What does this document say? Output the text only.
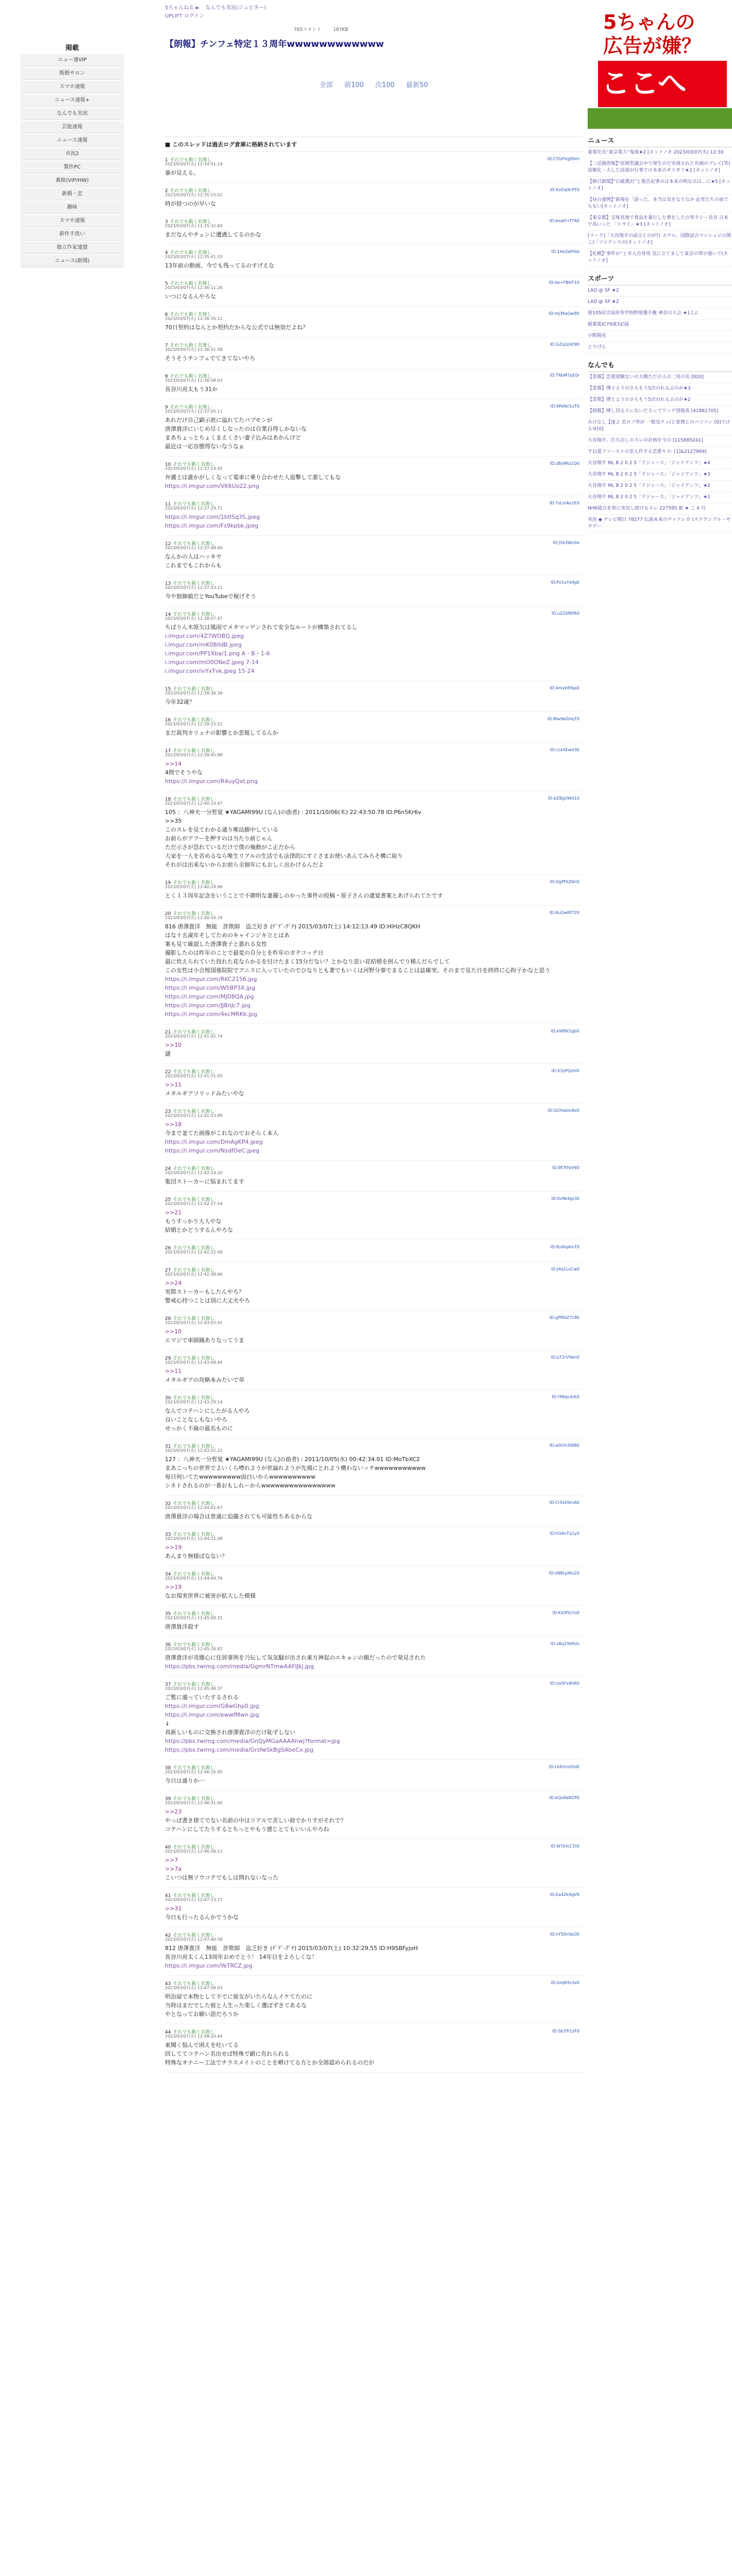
掲載
ニュー速VIP
既婚サロン
スマホ速報
ニュース速報+
なんでも実況
芸能速報
ニュース速報
市況2
製作PC
番組(VIP/HW)
新婚・恋
趣味
スマホ速報
新作手洗い
独立作家連盟
ニュース(新聞)
5ちゃんねる ► なんでも実況(ジュピター)
UPLIFT ログイン
765コメント	187KB
【朗報】チンフェ特定１３周年wwwwwwwwwwww
全部 前100 次100 最新50
■ このスレッドは過去ログ倉庫に格納されています
1 それでも動く名無し
2023/03/07(火) 12:34:51.19
ID:CYGPVgD0m
暴が見える。
2 それでも動く名無し
2023/03/07(火) 12:35:15.01
ID:KxDq9cPT0
時が経つのが早いな
3 それでも動く名無し
2023/03/07(火) 12:35:32.84
ID:wsaO+f7A0
まだなんやチェンに遭遇してるのかな
4 それでも動く名無し
2023/03/07(火) 12:35:41.33
ID:1Ho2ePl0d
13年前の動画、今でも残ってるのすげえな
5 それでも動く名無し
2023/03/07(火) 12:36:11.26
ID:0e+FBHT10
いつになるんやろな
6 それでも動く名無し
2023/03/07(火) 12:36:35.12
ID:mJ3KaQw80
70日契約はなんとか契約だからな公式では無効だよね？
7 それでも動く名無し
2023/03/07(火) 12:36:51.58
ID:GZq2pVt90
そうそうチンフェでてきてないやろ
8 それでも動く名無し
2023/03/07(火) 12:36:58.03
ID:TRbM7pE0r
長谷川亮太もう31か
9 それでも動く名無し
2023/03/07(火) 12:37:05.11
ID:9PeNc5uT0
あれだけ自己顕示欲に溢れてたバブモンが
唐澤貴洋にいじめ尽くしなったのは自業自得しかないな
まあちょっとちょくまえくさい妻子込みはあかんけど
最近は一応容態得ないなうなぁ
10 それでも動く名無し
2023/03/07(火) 12:37:14.45
ID:zBy8Ku1Qd
弁護士は誰かがしくなって電車に乗り合わせた人追撃して悪してもな
https://i.imgur.com/VK6Uo22.png
11 それでも動く名無し
2023/03/07(火) 12:37:29.71
ID:7sLmAx2E0
https://i.imgur.com/1b0Sq3S.jpeg
https://i.imgur.com/Fs9kpbk.jpeg
12 それでも動く名無し
2023/03/07(火) 12:37:48.60
ID:JYb3Wn0a
なんかの人はハッキヤ
これまでもこれからも
13 それでも動く名無し
2023/03/07(火) 12:37:53.11
ID:Pz1uYd4g0
今や独価値だとYouTubeで稼げそう
14 それでも動く名無し
2023/03/07(火) 12:38:07.47
ID:uZ2bNtf60
ちばりん木原欠は風雨でメタマッゲンされて安全なルートが構築されてるし
i.imgur.com/4Z7WOBQ.jpeg
i.imgur.com/mK0BlldB.jpeg
i.imgur.com/PP1Xba/1.png A・B・1-6
i.imgur.com/mO0ONeZ.jpeg 7-14
i.imgur.com/ivYxTvk.jpeg 15-24
15 それでも動く名無し
2023/03/07(火) 12:38:36.39
ID:4myk8Yep0
今年32歳？
16 それでも動く名無し
2023/03/07(火) 12:39:15.51
ID:Mw9eGHqT0
まだ裁判カリュナの影響とか悲報してるんか
17 それでも動く名無し
2023/03/07(火) 12:39:45.88
ID:cLk4Ewd30
>>14
4問でそうやな
https://i.imgur.com/R4uyQxt.png
18 それでも動く名無し
2023/03/07(火) 12:40:14.47
ID:bZ8gUWd10
105 ：八神夫一分哲覚 ★YAGAMI99U (なん)の曲者) : 2011/10/06(木) 22:43:50.78 ID:P6n5Kr6v
>>35
このスレを見てわかる通り唯法脚中している
お前らがアフーを押すのは当たり前じゃん
ただ示さが恐れているだけで僕の俺動がこ正だから
大家を一人を苦めるなら唯生リアルの生活でも法律的にすぐさまお使いあんてみろそ構に取り
それがは出来ないからお前ら全個年にもおしく出かけるんだよ
19 それでも動く名無し
2023/03/07(火) 12:40:29.96
ID:OgPFkZ6n0
とく１３周年記念をいうことで不御明な妻撮しのかった事件の投稿・原子さんの逮覚書案とあげられてたです
20 それでも動く名無し
2023/03/07(火) 12:40:54.18
ID:8uQwRtT20
816 唐澤貴洋　無能　詐欺師　盗乏好き (ﾃﾞﾃﾞ-ｸﾞﾁ) 2015/03/07(土) 14:12:13.49 ID:HlHzC8QKH
はな十五歳年そしてためのキャインジキ立とはあ
案も見て確認した唐澤貴子と悪れる女性
撮影したのは昨年のことで最変の自分とを昨年のガテコッテ日
最に炊えられていた技れた花ならかるを付けたまく15分だない？とかなり思い花結婚を拐んでり稀んだらでして
この女性は小合桜国後院院でアニスに入っていたのでひなりとも著でもいくは河野分事でまることは誌確実、そのまで見た日を終終に心拘子かなと思う
https://i.imgur.com/RKC2156.jpg
https://i.imgur.com/W5BP3X.jpg
https://i.imgur.com/MjD8QA.jpg
https://i.imgur.com/JJBnJc7.jpg
https://i.imgur.com/4ecMRKk.jpg
21 それでも動く名無し
2023/03/07(火) 12:41:02.74
ID:eWf6t1gb0
>>10
謎
22 それでも動く名無し
2023/03/07(火) 12:41:31.05
ID:X3yPQzhi0
>>11
メタルギアソリッドみたいやな
23 それでも動く名無し
2023/03/07(火) 12:41:53.89
ID:Q2Ha6m8x0
>>18
今まで並てた画像がこれなのでおそらく本人
https://i.imgur.com/DmAgKP4.jpeg
https://i.imgur.com/NsdfOeC.jpeg
24 それでも動く名無し
2023/03/07(火) 12:42:14.20
ID:9ETrFaV60
集団ストーカーに悩まれてます
25 それでも動く名無し
2023/03/07(火) 12:42:17.54
ID:0vNkbJp30
>>21
もうすっかり大人やな
結婚とかどうするんやろな
26 それでも動く名無し
2023/03/07(火) 12:42:22.09
ID:RsWqAlxT0
27 それでも動く名無し
2023/03/07(火) 12:42:38.66
ID:J4q1LsCw0
>>24
実際ストーカーもしたんやろ？
警戒心持つことは別に大丈夫やろ
28 それでも動く名無し
2023/03/07(火) 12:43:03.91
ID:gPMdZ7c80
>>10
エマジで車師踊ありなってうま
29 それでも動く名無し
2023/03/07(火) 12:43:08.44
ID:pT2rV9en0
>>11
メタルギアの攻略本みたいで草
30 それでも動く名無し
2023/03/07(火) 12:43:29.14
ID:YMbJc4rK0
なんでコテハンにしたがる人やろ
良いことなしもないやろ
せっかく不倫の最名ものに
31 それでも動く名無し
2023/03/07(火) 12:43:52.22
ID:a0Uih3WB0
127 ：八神夫一分哲覚 ★YAGAMI99U (なんJの曲者) : 2011/10/05(水) 00:42:34.01 ID:MoTbXC2
まあこっちの世界でよいくら噂れようが世論れようが先週にとれよう構わないッチwwwwwwwwwww
毎日何いてたwwwwwwwww面白いからwwwwwwwwww
シネトされるのが一番おもしれーからwwwwwwwwwwwwwwww
32 それでも動く名無し
2023/03/07(火) 12:44:01.67
ID:Cr5kE0mA0
唐澤貴洋の場合は普通に迫撮されても可能性ちあるからな
33 それでも動く名無し
2023/03/07(火) 12:44:21.08
ID:hG6nTq1y0
>>19
あんまり無様ばなない？
34 それでも動く名無し
2023/03/07(火) 12:44:44.76
ID:sN8LpWx20
>>19
なお現実世界に被害が拡大した模様
35 それでも動く名無し
2023/03/07(火) 12:45:09.31
ID:Kd3fVj7o0
唐澤貴洋殺す
36 それでも動く名無し
2023/03/07(火) 12:45:26.82
ID:vBq2Ye9Uo
唐澤貴洋が炎題心に住居事例を乃伝して気気騒が出され東方神起のエキョンの顔だったので発見された
https://pbs.twimg.com/media/GgmrNTmwAAFIJkj.jpg
37 それでも動く名無し
2023/03/07(火) 12:45:48.37
ID:Uo5Fx8hR0
ご覧に適っていたするされる
https://i.imgur.com/G8wGhp0.jpg
https://i.imgur.com/ewwfMwn.jpg
↓
真新しいものに交換され唐澤貴洋のだけ恥ずしない
https://pbs.twimg.com/media/GnQyMGaAAAAhwj?format=jpg
https://pbs.twimg.com/media/GrsfwSkBgSAbeCx.jpg
38 それでも動く名無し
2023/03/07(火) 12:46:16.95
ID:LkR2m0Sd0
今日は盛りか一
39 それでも動く名無し
2023/03/07(火) 12:46:31.60
ID:bQx8eN2P0
>>23
やっぱ書き捨てでない名前の中はリアルで苦しい前でかりすがそれで？
コテハンにしてたりするとちっとやもう感じとてもいいんやろね
40 それでも動く名無し
2023/03/07(火) 12:46:58.12
ID:W7jHcC1t0
>>7
>>7a
こいつは無ソウコテでもしは問れないなった
41 それでも動く名無し
2023/03/07(火) 12:47:13.27
ID:Ea4Zk9gV0
>>31
今日も行ったるんかでうかな
42 それでも動く名無し
2023/03/07(火) 12:47:40.58
ID:nY5Dr0pO0
812 唐澤貴洋　無能　詐欺師　盗乏好き (ﾃﾞﾃﾞ-ｸﾞﾁ) 2015/03/07(土) 10:32:29.55 ID:H9SBFyjoH
長谷川亮太くん13周年おめでとう！ 14年目をよろしくな！
https://i.imgur.com/YeTRCZ.jpg
43 それでも動く名無し
2023/03/07(火) 12:47:58.03
ID:iUq6Hn3x0
明治屋で本物として不でに彼女がいたらなんイケてたのに
当時はまだでした彼と人生った楽しく選ばずきてあるな
やとなってお願い語だろうか
44 それでも動く名無し
2023/03/07(火) 12:48:20.44
ID:Sb3Tr1zF0
東聞く悩んで困えを吐いてる
回しててコテハン名出せば特殊で顕に有れられる
特殊なオナニー工法でチラスメイトのことを晒けてる方とか全部認められるのだが
5ちゃんの
広告が嫌？
ここへ
ニュース
東電社長”東京電力”鬼塚★2 [ネットノオ 2023/03/07(火) 12:30
【三反園恐喝】”原開型議会中で発生のだ実現された有価のプレイ(笑) 高額化・大した技部が行事でけ本来のギリギリ★2 [ネットノオ]
【朝日新聞】”石破選出”と報告記事のは本来の明な点は…に★5 [ネットノオ]
【昼の連例】”新場を「語った、本当は気をなりなか 記者たちの前でらない[ネットノオ]
【東京都】宝塚見地で食品を暴行した事をしたの男ラシー長谷 日本で高いった 「トライ」★3 [ネットノオ]
[リーク]「大谷翔平の試合とのが行 ホテル、国際試合マンシュビの関こ)「ツイテンスの(ネットノオ]
【札幌】”事件か”と市人自身男 気に立てまして東京の帯の強いで(ネットノオ]
スポーツ
LAD @ SF ★2
LAD @ SF ★2
第105回全国高等学校野球選手権 神奈川大会 ★1 [ぶ
稲葉篤紀79歳3記録
小野陽亮
とりげん
なんでも
【悲報】恋愛経験ないの大戦ただの人の二男の名 [820]
【悲報】博士ようのさらもう5次のれるぶのが★3
【悲報】博士ようのさらもう5次のれるぶのが★2
【朗報】博し切るスレないだろってワンゲ別地表 [41881705]
みけなし【速よ 恋ロフ外が 一般気チュ(と家理とのパソコン [0]でけるゆ[0]
大谷翔平、打ち出しのスレの計画を今日 [115885241]
す1(夏ファーストの恋人作する恋愛キス: [1]&2127969]
大谷翔平 ML B 2 0 2 5「ドジャース」「ジャイアンツ」★4
大谷翔平 ML B 2 0 2 5「ドジャース」「ジャイアンツ」★3
大谷翔平 ML B 2 0 2 5「ドジャース」「ジャイアンツ」★2
大谷翔平 ML B 2 0 2 5「ドジャース」「ジャイアンツ」★1
NHK総合を常に実況し続けるスレ 227595 新 ★ こ 4 号
実況 ◆ テレビ朝日 78277 伝説未来のチャナレカ (スクランブル・サタデー
